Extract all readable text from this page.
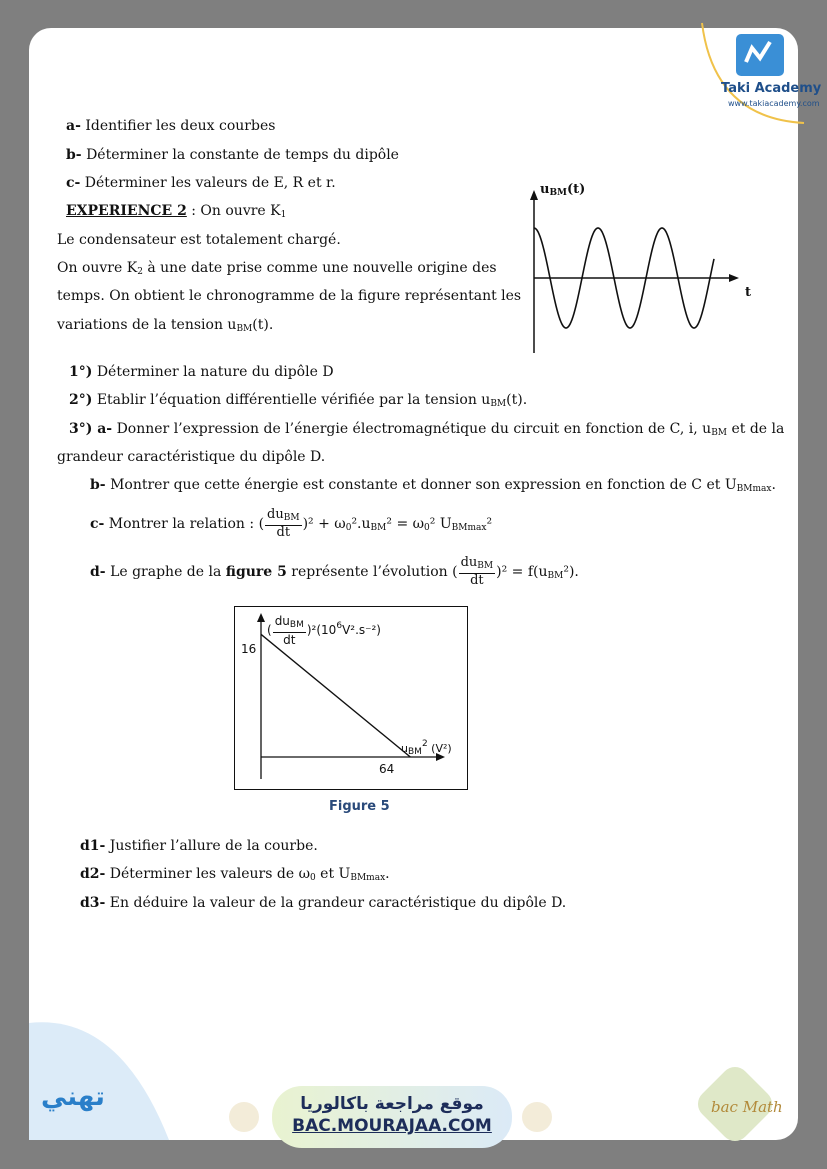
Taki Academy
www.takiacademy.com
a- Identifier les deux courbes
b- Déterminer la constante de temps du dipôle
c- Déterminer les valeurs de E, R et r.
EXPERIENCE 2 : On ouvre $K_1$
Le condensateur est totalement chargé.
On ouvre $K_2$ à une date prise comme une nouvelle origine des
temps. On obtient le chronogramme de la figure représentant les
variations de la tension $u_{BM}(t)$.
$u_{BM}(t)$
t
1°) Déterminer la nature du dipôle D
2°) Etablir l’équation différentielle vérifiée par la tension $u_{BM}(t)$.
3°) a- Donner l’expression de l’énergie électromagnétique du circuit en fonction de C, i, $u_{BM}$ et de la
grandeur caractéristique du dipôle D.
b- Montrer que cette énergie est constante et donner son expression en fonction de C et $U_{BMmax}$.
c- Montrer la relation : ( $\frac{du_{BM}}{dt} )^2 + \omega_0^2.u_{BM}^2 = \omega_0^2$ $U_{BMmax}^2$
d- Le graphe de la figure 5 représente l’évolution ( $\frac{du_{BM}}{dt} )^2 = f(u_{BM}^2)$.
( $\frac{du_{BM}}{dt} )^2(10^6V^2.s^{-2})$
16
64
$u_{BM}^2$ (V²)
Figure 5
d1- Justifier l’allure de la courbe.
d2- Déterminer les valeurs de $\omega_0$ et $U_{BMmax}$.
d3- En déduire la valeur de la grandeur caractéristique du dipôle D.
تهني	موقع مراجعة باكالوريا
BAC.MOURAJAA.COM
bac Math
